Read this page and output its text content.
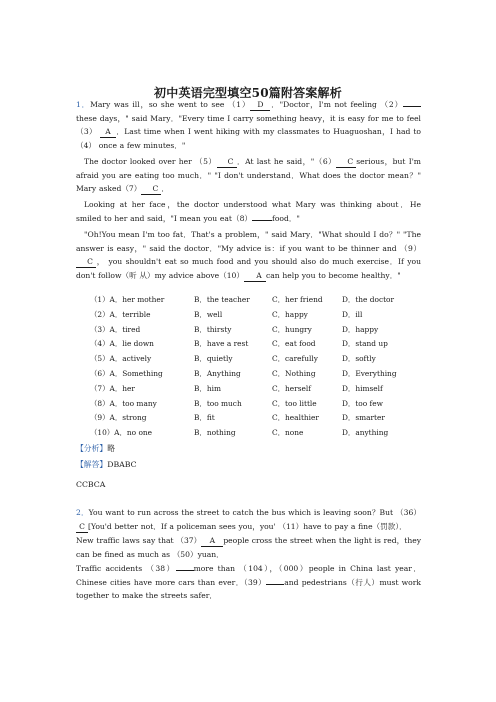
初中英语完型填空50篇附答案解析
1．Mary was ill，so she went to see （1） D ．"Doctor，I'm not feeling （2）these days，" said Mary．"Every time I carry something heavy，it is easy for me to feel （3） A ．Last time when I went hiking with my classmates to Huaguoshan，I had to （4） once a few minutes．"
The doctor looked over her （5） C ．At last he said，"（6） C serious，but I'm afraid you are eating too much．" "I don't understand．What does the doctor mean？" Mary asked（7） C ．
Looking at her face，the doctor understood what Mary was thinking about．He smiled to her and said，"I mean you eat（8）	food．"
"Oh!You mean I'm too fat．That's a problem，" said Mary．"What should I do？" "The answer is easy，" said the doctor．"My advice is：if you want to be thinner and （9）C ， you shouldn't eat so much food and you should also do much exercise．If you don't follow（听 从）my advice above（10） A can help you to become healthy．"
（1）A．her mother	B．the teacher	C．her friend	D．the doctor
（2）A．terrible	B．well	C．happy	D．ill
（3）A．tired	B．thirsty	C．hungry	D．happy
（4）A．lie down	B．have a rest	C．eat food	D．stand up
（5）A．actively	B．quietly	C．carefully	D．softly
（6）A．Something	B．Anything	C．Nothing	D．Everything
（7）A．her	B．him	C．herself	D．himself
（8）A．too many	B．too much	C．too little	D．too few
（9）A．strong	B．fit	C．healthier	D．smarter
（10）A．no one	B．nothing	C．none	D．anything
【分析】略
【解答】DBABC
CCBCA
2．You want to run across the street to catch the bus which is leaving soon？But （36） C [You'd better not．If a policeman sees you，you' （11）have to pay a fine（罚款）．
New traffic laws say that （37） A people cross the street when the light is red，they can be fined as much as （50）yuan．
Traffic accidents （38） more than （104），（000）people in China last year．Chinese cities have more cars than ever．（39） and pedestrians（行人）must work together to make the streets safer．
